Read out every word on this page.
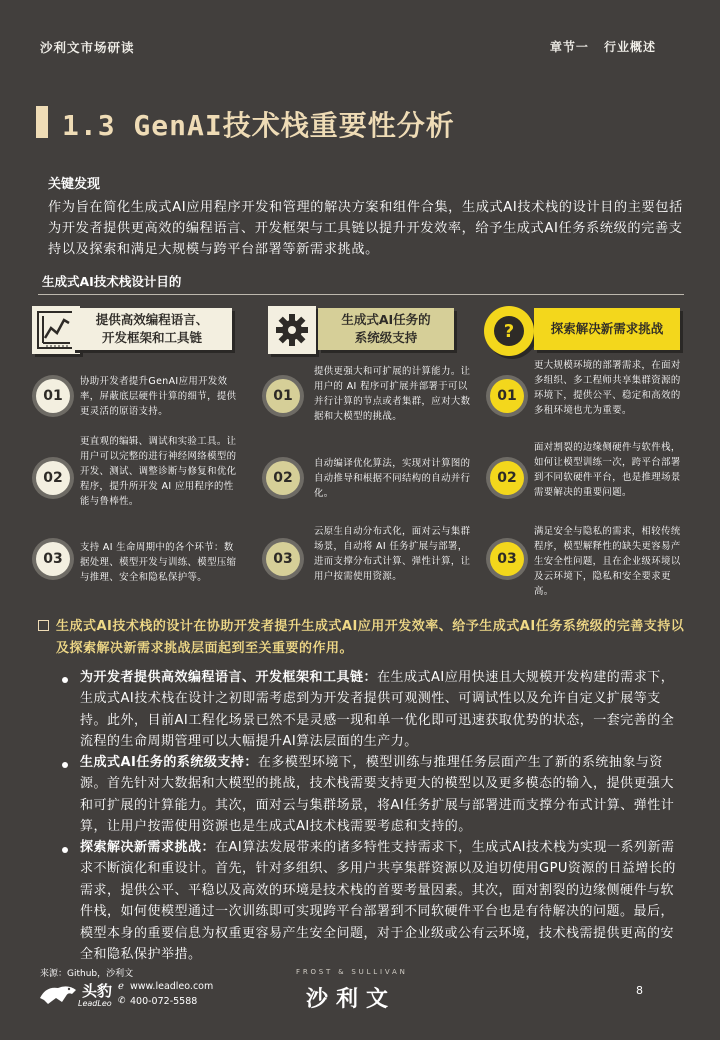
沙利文市场研读	章节一 行业概述
1.3 GenAI技术栈重要性分析
关键发现
作为旨在简化生成式AI应用程序开发和管理的解决方案和组件合集，生成式AI技术栈的设计目的主要包括为开发者提供更高效的编程语言、开发框架与工具链以提升开发效率，给予生成式AI任务系统级的完善支持以及探索和满足大规模与跨平台部署等新需求挑战。
生成式AI技术栈设计目的
提供高效编程语言、
开发框架和工具链
01
协助开发者提升GenAI应用开发效率，屏蔽底层硬件计算的细节，提供更灵活的原语支持。
02
更直观的编辑、调试和实验工具。让用户可以完整的进行神经网络模型的开发、测试、调整诊断与修复和优化程序，提升所开发 AI 应用程序的性能与鲁棒性。
03
支持 AI 生命周期中的各个环节：数据处理、模型开发与训练、模型压缩与推理、安全和隐私保护等。
生成式AI任务的
系统级支持
01
提供更强大和可扩展的计算能力。让用户的 AI 程序可扩展并部署于可以并行计算的节点或者集群，应对大数据和大模型的挑战。
02
自动编译优化算法，实现对计算图的自动推导和根据不同结构的自动并行化。
03
云原生自动分布式化，面对云与集群场景，自动将 AI 任务扩展与部署，进而支撑分布式计算、弹性计算，让用户按需使用资源。
?	探索解决新需求挑战
01
更大规模环境的部署需求，在面对多组织、多工程师共享集群资源的环境下，提供公平、稳定和高效的多租环境也尤为重要。
02
面对割裂的边缘侧硬件与软件栈，如何让模型训练一次，跨平台部署到不同软硬件平台，也是推理场景需要解决的重要问题。
03
满足安全与隐私的需求，相较传统程序，模型解释性的缺失更容易产生安全性问题，且在企业级环境以及云环境下，隐私和安全要求更高。
生成式AI技术栈的设计在协助开发者提升生成式AI应用开发效率、给予生成式AI任务系统级的完善支持以及探索解决新需求挑战层面起到至关重要的作用。
为开发者提供高效编程语言、开发框架和工具链：在生成式AI应用快速且大规模开发构建的需求下，生成式AI技术栈在设计之初即需考虑到为开发者提供可观测性、可调试性以及允许自定义扩展等支持。此外，目前AI工程化场景已然不是灵感一现和单一优化即可迅速获取优势的状态，一套完善的全流程的生命周期管理可以大幅提升AI算法层面的生产力。
生成式AI任务的系统级支持：在多模型环境下，模型训练与推理任务层面产生了新的系统抽象与资源。首先针对大数据和大模型的挑战，技术栈需要支持更大的模型以及更多模态的输入，提供更强大和可扩展的计算能力。其次，面对云与集群场景，将AI任务扩展与部署进而支撑分布式计算、弹性计算，让用户按需使用资源也是生成式AI技术栈需要考虑和支持的。
探索解决新需求挑战：在AI算法发展带来的诸多特性支持需求下，生成式AI技术栈为实现一系列新需求不断演化和重设计。首先，针对多组织、多用户共享集群资源以及迫切使用GPU资源的日益增长的需求，提供公平、平稳以及高效的环境是技术栈的首要考量因素。其次，面对割裂的边缘侧硬件与软件栈，如何使模型通过一次训练即可实现跨平台部署到不同软硬件平台也是有待解决的问题。最后，模型本身的重要信息为权重更容易产生安全问题，对于企业级或公有云环境，技术栈需提供更高的安全和隐私保护举措。
来源：Github，沙利文
头豹
LeadLeo
ℯ www.leadleo.com
✆ 400-072-5588
FROST & SULLIVAN
沙利文	8
